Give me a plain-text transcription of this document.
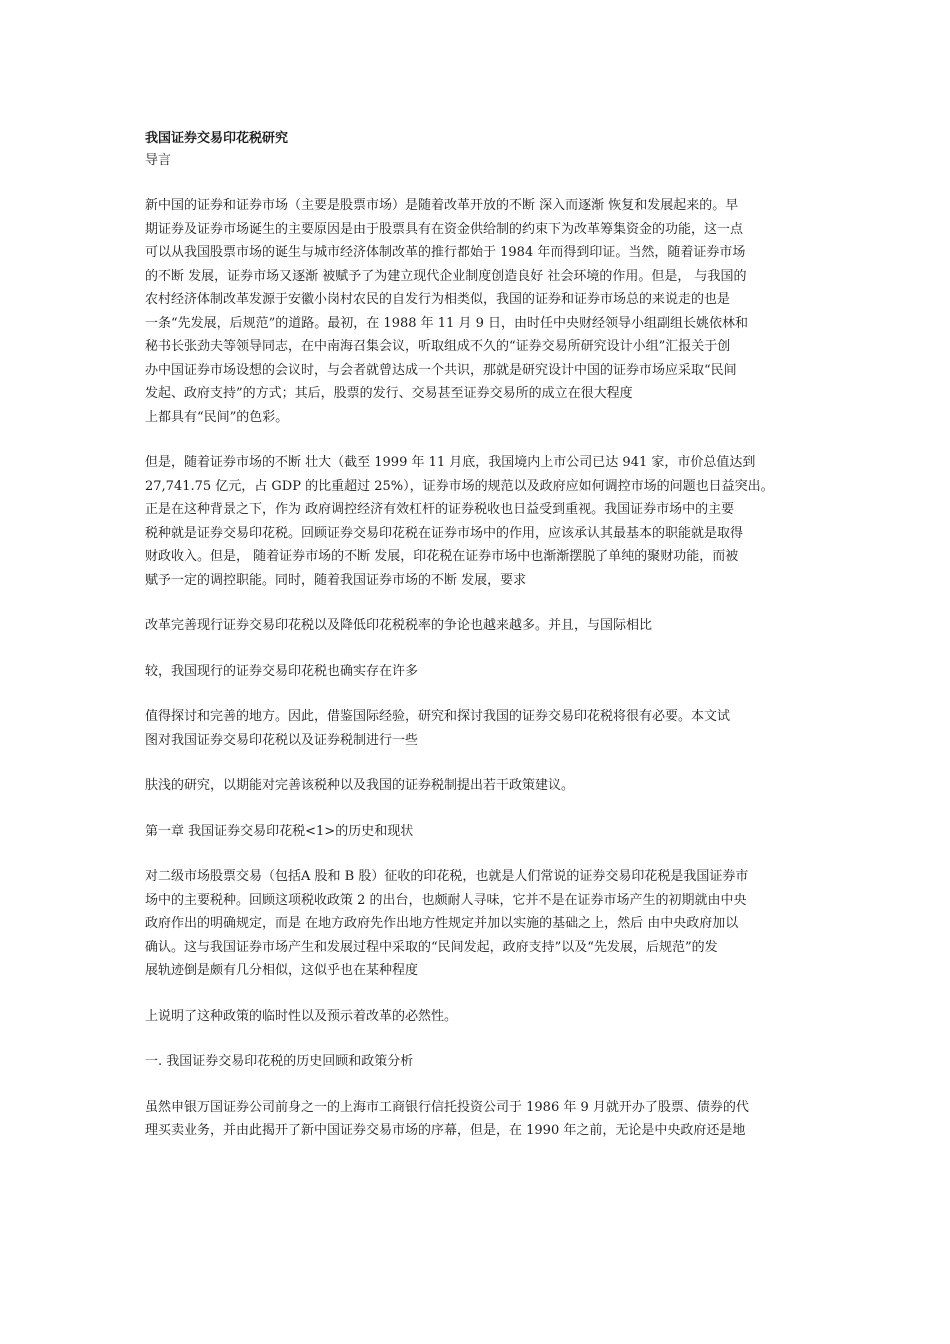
我国证券交易印花税研究
导言
新中国的证券和证券市场（主要是股票市场）是随着改革开放的不断 深入而逐渐 恢复和发展起来的。早
期证券及证券市场诞生的主要原因是由于股票具有在资金供给制的约束下为改革筹集资金的功能，这一点
可以从我国股票市场的诞生与城市经济体制改革的推行都始于 1984 年而得到印证。当然，随着证券市场
的不断 发展，证券市场又逐渐 被赋予了为建立现代企业制度创造良好 社会环境的作用。但是， 与我国的
农村经济体制改革发源于安徽小岗村农民的自发行为相类似，我国的证券和证券市场总的来说走的也是
一条“先发展，后规范”的道路。最初，在 1988 年 11 月 9 日，由时任中央财经领导小组副组长姚依林和
秘书长张劲夫等领导同志，在中南海召集会议，听取组成不久的“证券交易所研究设计小组”汇报关于创
办中国证券市场设想的会议时，与会者就曾达成一个共识，那就是研究设计中国的证券市场应采取“民间
发起、政府支持”的方式；其后，股票的发行、交易甚至证券交易所的成立在很大程度
上都具有“民间”的色彩。
但是，随着证券市场的不断 壮大（截至 1999 年 11 月底，我国境内上市公司已达 941 家，市价总值达到
27,741.75 亿元，占 GDP 的比重超过 25%），证券市场的规范以及政府应如何调控市场的问题也日益突出。
正是在这种背景之下，作为 政府调控经济有效杠杆的证券税收也日益受到重视。我国证券市场中的主要
税种就是证券交易印花税。回顾证券交易印花税在证券市场中的作用，应该承认其最基本的职能就是取得
财政收入。但是， 随着证券市场的不断 发展，印花税在证券市场中也渐渐摆脱了单纯的聚财功能，而被
赋予一定的调控职能。同时，随着我国证券市场的不断 发展，要求
改革完善现行证券交易印花税以及降低印花税税率的争论也越来越多。并且，与国际相比
较，我国现行的证券交易印花税也确实存在许多
值得探讨和完善的地方。因此，借鉴国际经验，研究和探讨我国的证券交易印花税将很有必要。本文试
图对我国证券交易印花税以及证券税制进行一些
肤浅的研究，以期能对完善该税种以及我国的证券税制提出若干政策建议。
第一章 我国证券交易印花税<1>的历史和现状
对二级市场股票交易（包括A 股和 B 股）征收的印花税，也就是人们常说的证券交易印花税是我国证券市
场中的主要税种。回顾这项税收政策 2 的出台，也颇耐人寻味，它并不是在证券市场产生的初期就由中央
政府作出的明确规定，而是 在地方政府先作出地方性规定并加以实施的基础之上，然后 由中央政府加以
确认。这与我国证券市场产生和发展过程中采取的“民间发起，政府支持”以及“先发展，后规范”的发
展轨迹倒是颇有几分相似，这似乎也在某种程度
上说明了这种政策的临时性以及预示着改革的必然性。
一. 我国证券交易印花税的历史回顾和政策分析
虽然申银万国证券公司前身之一的上海市工商银行信托投资公司于 1986 年 9 月就开办了股票、债券的代
理买卖业务，并由此揭开了新中国证券交易市场的序幕，但是，在 1990 年之前，无论是中央政府还是地
